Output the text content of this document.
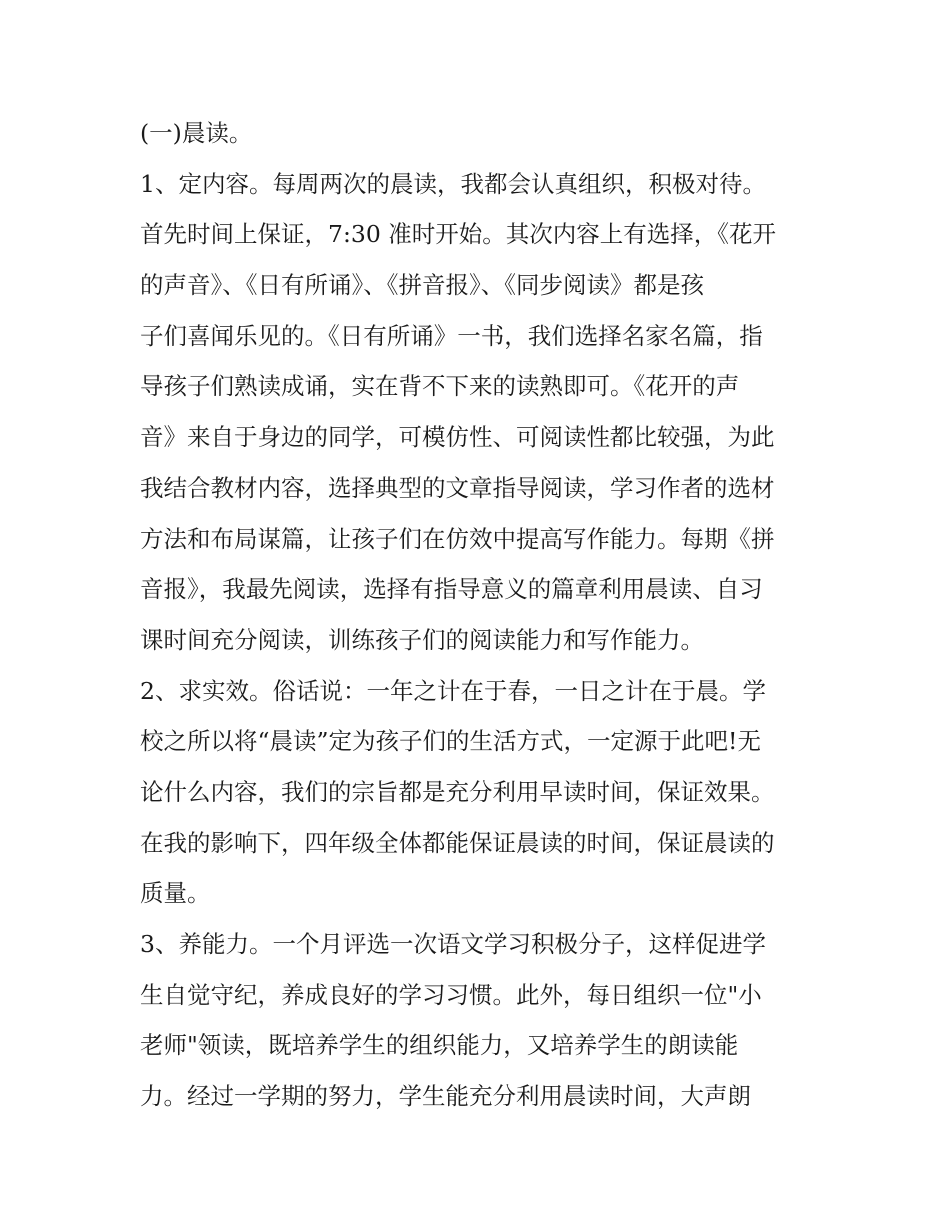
(一)晨读。
1、定内容。每周两次的晨读，我都会认真组织，积极对待。
首先时间上保证，7:30 准时开始。其次内容上有选择，《花开
的声音》、《日有所诵》、《拼音报》、《同步阅读》都是孩
子们喜闻乐见的。《日有所诵》一书，我们选择名家名篇，指
导孩子们熟读成诵，实在背不下来的读熟即可。《花开的声
音》来自于身边的同学，可模仿性、可阅读性都比较强，为此
我结合教材内容，选择典型的文章指导阅读，学习作者的选材
方法和布局谋篇，让孩子们在仿效中提高写作能力。每期《拼
音报》，我最先阅读，选择有指导意义的篇章利用晨读、自习
课时间充分阅读，训练孩子们的阅读能力和写作能力。
2、求实效。俗话说：一年之计在于春，一日之计在于晨。学
校之所以将“晨读”定为孩子们的生活方式，一定源于此吧!无
论什么内容，我们的宗旨都是充分利用早读时间，保证效果。
在我的影响下，四年级全体都能保证晨读的时间，保证晨读的
质量。
3、养能力。一个月评选一次语文学习积极分子，这样促进学
生自觉守纪，养成良好的学习习惯。此外，每日组织一位"小
老师"领读，既培养学生的组织能力，又培养学生的朗读能
力。经过一学期的努力，学生能充分利用晨读时间，大声朗
